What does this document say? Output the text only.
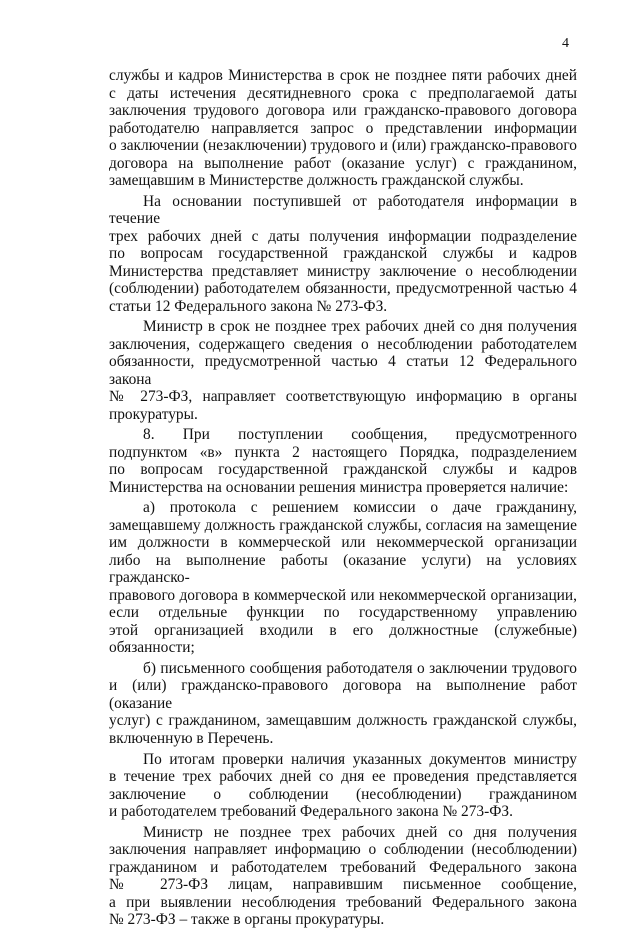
4
службы и кадров Министерства в срок не позднее пяти рабочих дней
с даты истечения десятидневного срока с предполагаемой даты
заключения трудового договора или гражданско-правового договора
работодателю направляется запрос о представлении информации
о заключении (незаключении) трудового и (или) гражданско-правового
договора на выполнение работ (оказание услуг) с гражданином,
замещавшим в Министерстве должность гражданской службы.
На основании поступившей от работодателя информации в течение
трех рабочих дней с даты получения информации подразделение
по вопросам государственной гражданской службы и кадров
Министерства представляет министру заключение о несоблюдении
(соблюдении) работодателем обязанности, предусмотренной частью 4
статьи 12 Федерального закона № 273-ФЗ.
Министр в срок не позднее трех рабочих дней со дня получения
заключения, содержащего сведения о несоблюдении работодателем
обязанности, предусмотренной частью 4 статьи 12 Федерального закона
№ 273-ФЗ, направляет соответствующую информацию в органы
прокуратуры.
8. При поступлении сообщения, предусмотренного
подпунктом «в» пункта 2 настоящего Порядка, подразделением
по вопросам государственной гражданской службы и кадров
Министерства на основании решения министра проверяется наличие:
а) протокола с решением комиссии о даче гражданину,
замещавшему должность гражданской службы, согласия на замещение
им должности в коммерческой или некоммерческой организации
либо на выполнение работы (оказание услуги) на условиях гражданско-
правового договора в коммерческой или некоммерческой организации,
если отдельные функции по государственному управлению
этой организацией входили в его должностные (служебные)
обязанности;
б) письменного сообщения работодателя о заключении трудового
и (или) гражданско-правового договора на выполнение работ (оказание
услуг) с гражданином, замещавшим должность гражданской службы,
включенную в Перечень.
По итогам проверки наличия указанных документов министру
в течение трех рабочих дней со дня ее проведения представляется
заключение о соблюдении (несоблюдении) гражданином
и работодателем требований Федерального закона № 273-ФЗ.
Министр не позднее трех рабочих дней со дня получения
заключения направляет информацию о соблюдении (несоблюдении)
гражданином и работодателем требований Федерального закона
№ 273-ФЗ лицам, направившим письменное сообщение,
а при выявлении несоблюдения требований Федерального закона
№ 273-ФЗ – также в органы прокуратуры.
